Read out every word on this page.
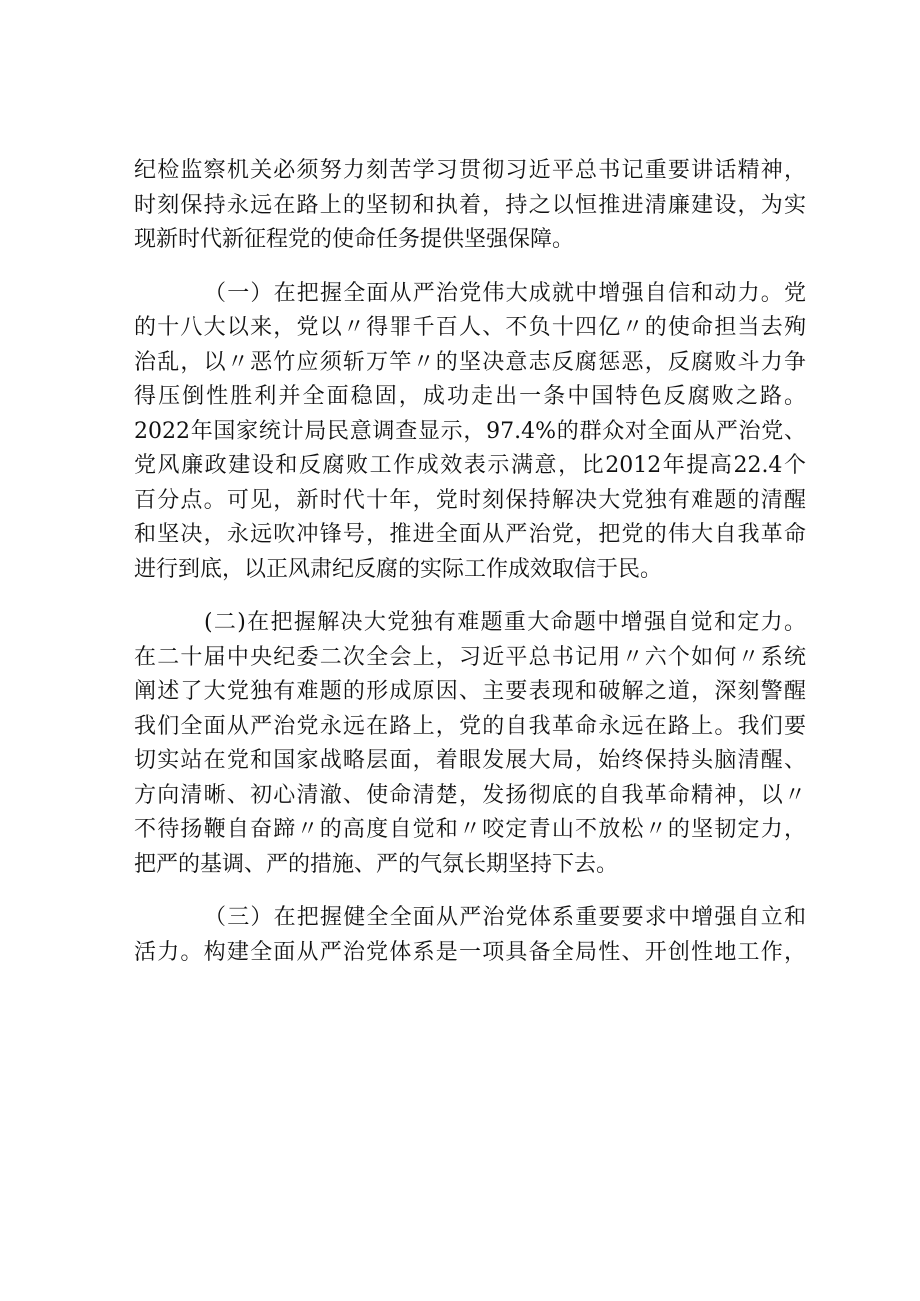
纪检监察机关必须努力刻苦学习贯彻习近平总书记重要讲话精神，
时刻保持永远在路上的坚韧和执着，持之以恒推进清廉建设，为实
现新时代新征程党的使命任务提供坚强保障。

（一）在把握全面从严治党伟大成就中增强自信和动力。党
的十八大以来，党以〃得罪千百人、不负十四亿〃的使命担当去殉
治乱，以〃恶竹应须斩万竿〃的坚决意志反腐惩恶，反腐败斗力争
得压倒性胜利并全面稳固，成功走出一条中国特色反腐败之路。
2022年国家统计局民意调查显示，97.4%的群众对全面从严治党、
党风廉政建设和反腐败工作成效表示满意，比2012年提高22.4个
百分点。可见，新时代十年，党时刻保持解决大党独有难题的清醒
和坚决，永远吹冲锋号，推进全面从严治党，把党的伟大自我革命
进行到底，以正风肃纪反腐的实际工作成效取信于民。

(二)在把握解决大党独有难题重大命题中增强自觉和定力。
在二十届中央纪委二次全会上，习近平总书记用〃六个如何〃系统
阐述了大党独有难题的形成原因、主要表现和破解之道，深刻警醒
我们全面从严治党永远在路上，党的自我革命永远在路上。我们要
切实站在党和国家战略层面，着眼发展大局，始终保持头脑清醒、
方向清晰、初心清澈、使命清楚，发扬彻底的自我革命精神，以〃
不待扬鞭自奋蹄〃的高度自觉和〃咬定青山不放松〃的坚韧定力，
把严的基调、严的措施、严的气氛长期坚持下去。

（三）在把握健全全面从严治党体系重要要求中增强自立和
活力。构建全面从严治党体系是一项具备全局性、开创性地工作，
